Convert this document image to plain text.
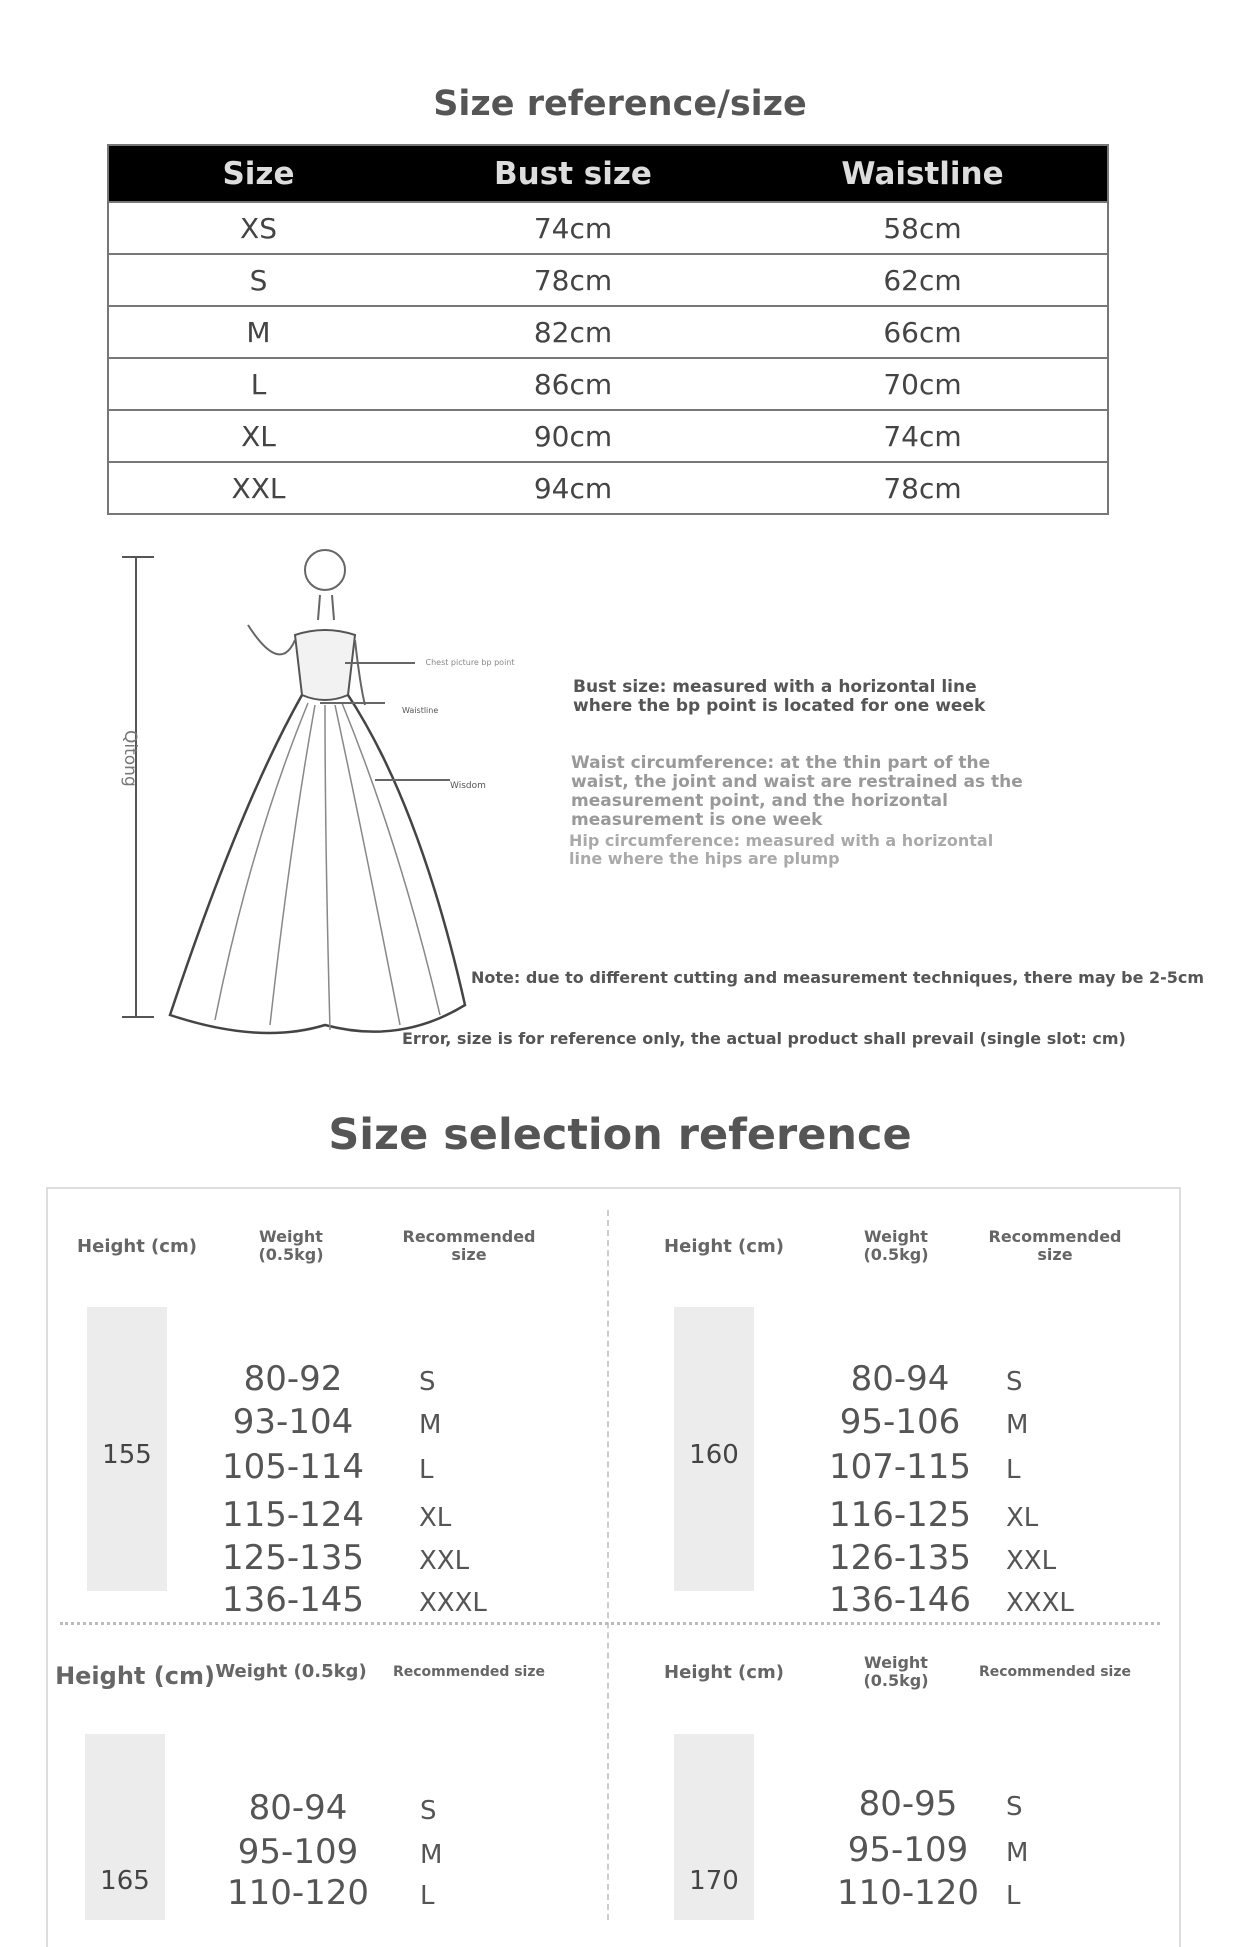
Size reference/size
Size	Bust size	Waistline
XS	74cm	58cm
S	78cm	62cm
M	82cm	66cm
L	86cm	70cm
XL	90cm	74cm
XXL	94cm	78cm
Qitong
Chest picture bp point
Waistline
Wisdom
Bust size: measured with a horizontal line where the bp point is located for one week
Waist circumference: at the thin part of the waist, the joint and waist are restrained as the measurement point, and the horizontal measurement is one week
Hip circumference: measured with a horizontal line where the hips are plump
Note: due to different cutting and measurement techniques, there may be 2-5cm
Error, size is for reference only, the actual product shall prevail (single slot: cm)
Size selection reference
Height (cm)	Weight (0.5kg)
Recommended size
155
80-92	S
93-104	M
105-114	L
115-124	XL
125-135	XXL
136-145	XXXL
Height (cm)	Weight (0.5kg)
Recommended size
160
80-94	S
95-106	M
107-115	L
116-125	XL
126-135	XXL
136-146	XXXL
Height (cm) Weight (0.5kg)	Recommended size
165
80-94	S
95-109	M
110-120	L
Height (cm)	Weight (0.5kg)	Recommended size
170
80-95	S
95-109	M
110-120	L
